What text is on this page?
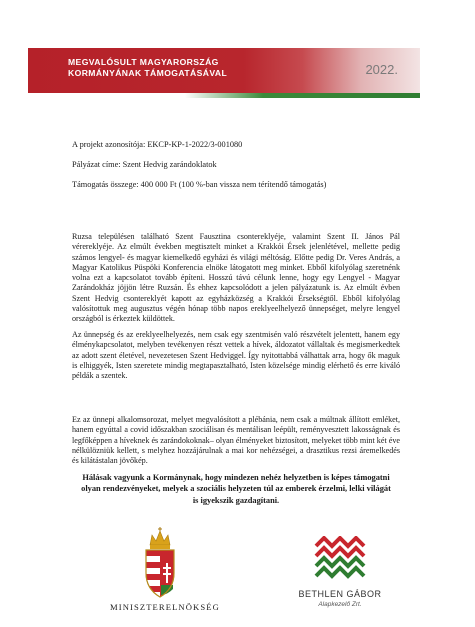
MEGVALÓSULT MAGYARORSZÁG
KORMÁNYÁNAK TÁMOGATÁSÁVAL	2022.
A projekt azonosítója: EKCP-KP-1-2022/3-001080
Pályázat címe: Szent Hedvig zarándoklatok
Támogatás összege: 400 000 Ft (100 %-ban vissza nem térítendő támogatás)

Ruzsa településen található Szent Fausztina csontereklyéje, valamint Szent II. János Pál vérereklyéje. Az elmúlt években megtisztelt minket a Krakkói Érsek jelenlétével, mellette pedig számos lengyel- és magyar kiemelkedő egyházi és világi méltóság. Előtte pedig Dr. Veres András, a Magyar Katolikus Püspöki Konferencia elnöke látogatott meg minket. Ebből kifolyólag szeretnénk volna ezt a kapcsolatot tovább építeni. Hosszú távú célunk lenne, hogy egy Lengyel - Magyar Zarándokház jöjjön létre Ruzsán. És ehhez kapcsolódott a jelen pályázatunk is. Az elmúlt évben Szent Hedvig csontereklyét kapott az egyházközség a Krakkói Érsekségtől. Ebből kifolyólag valósítottuk meg augusztus végén hónap több napos ereklyeelhelyező ünnepséget, melyre lengyel országból is érkeztek küldöttek.

Az ünnepség és az ereklyeelhelyezés, nem csak egy szentmisén való részvételt jelentett, hanem egy élménykapcsolatot, melyben tevékenyen részt vettek a hívek, áldozatot vállaltak és megismerkedtek az adott szent életével, nevezetesen Szent Hedviggel. Így nyitottabbá válhattak arra, hogy ők maguk is elhiggyék, Isten szeretete mindig megtapasztalható, Isten közelsége mindig elérhető és erre kiváló példák a szentek.

Ez az ünnepi alkalomsorozat, melyet megvalósított a plébánia, nem csak a múltnak állított emléket, hanem egyúttal a covid időszakban szociálisan és mentálisan leépült, reményvesztett lakosságnak és legfőképpen a híveknek és zarándokoknak– olyan élményeket biztosított, melyeket több mint két éve nélkülözniük kellett, s melyhez hozzájárulnak a mai kor nehézségei, a drasztikus rezsi áremelkedés és kilátástalan jövőkép.

Hálásak vagyunk a Kormánynak, hogy mindezen nehéz helyzetben is képes támogatni olyan rendezvényeket, melyek a szociális helyzeten túl az emberek érzelmi, lelki világát is igyekszik gazdagítani.

MINISZTERELNÖKSÉG
BETHLEN GÁBOR
Alapkezelő Zrt.
